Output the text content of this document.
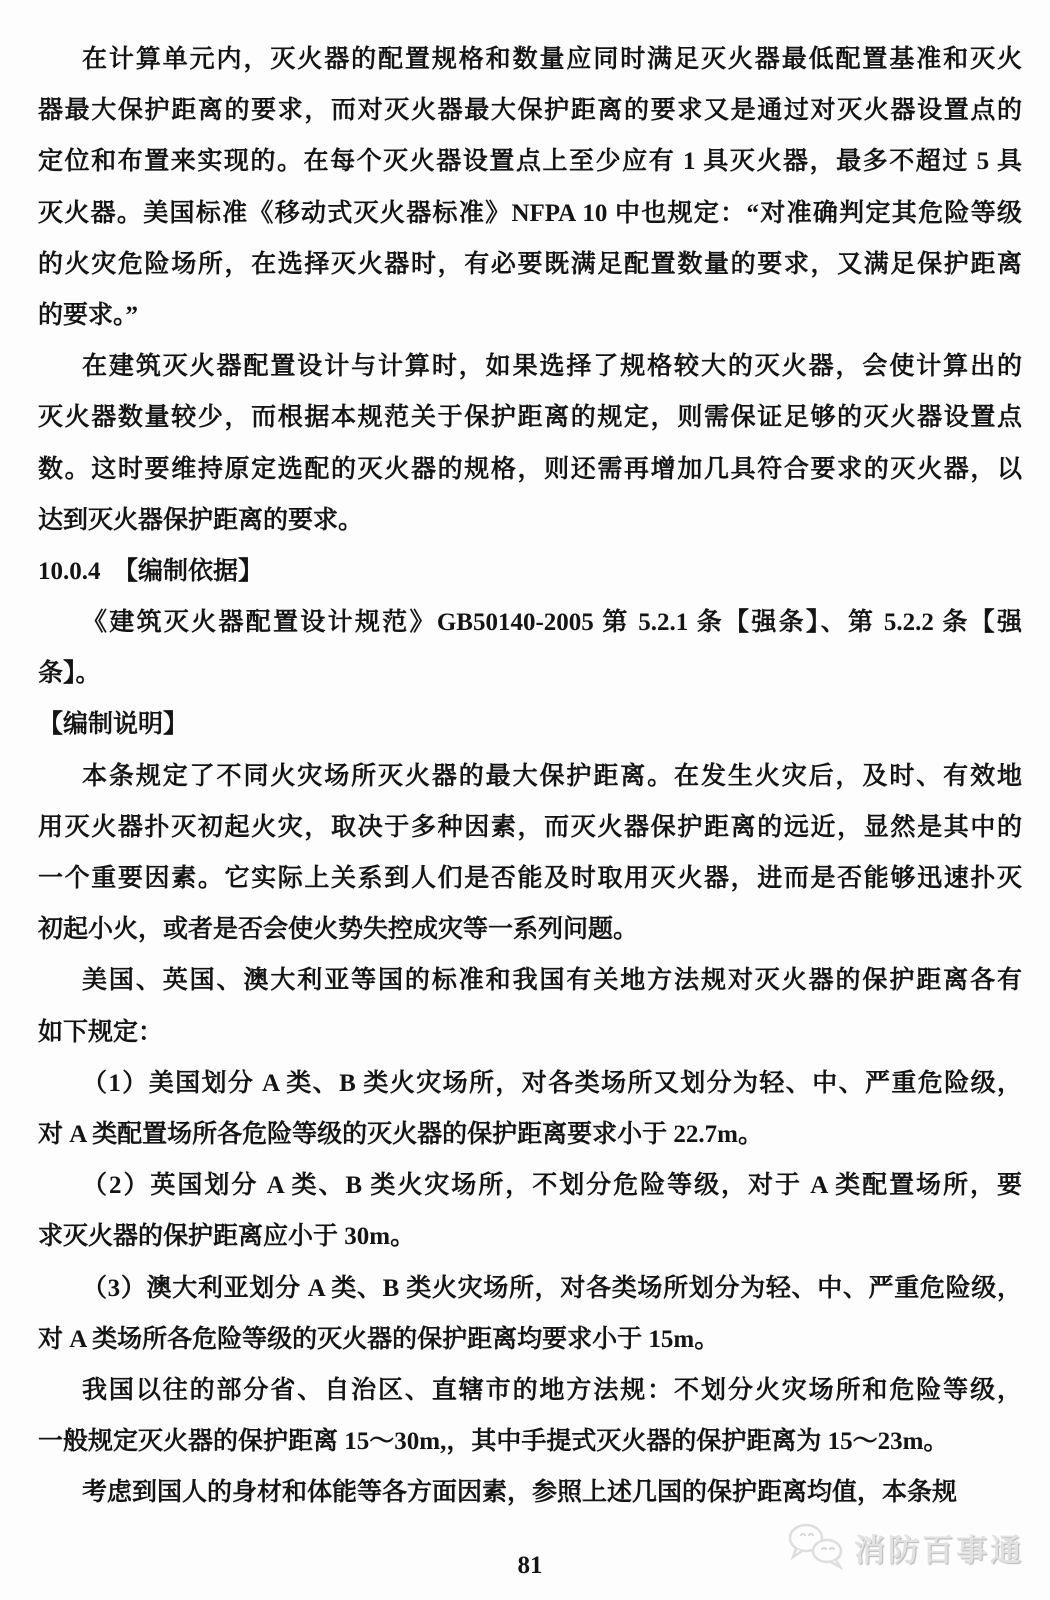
在计算单元内，灭火器的配置规格和数量应同时满足灭火器最低配置基准和灭火
器最大保护距离的要求，而对灭火器最大保护距离的要求又是通过对灭火器设置点的
定位和布置来实现的。在每个灭火器设置点上至少应有 1 具灭火器，最多不超过 5 具
灭火器。美国标准《移动式灭火器标准》NFPA 10 中也规定：“对准确判定其危险等级
的火灾危险场所，在选择灭火器时，有必要既满足配置数量的要求，又满足保护距离
的要求。”
在建筑灭火器配置设计与计算时，如果选择了规格较大的灭火器，会使计算出的
灭火器数量较少，而根据本规范关于保护距离的规定，则需保证足够的灭火器设置点
数。这时要维持原定选配的灭火器的规格，则还需再增加几具符合要求的灭火器，以
达到灭火器保护距离的要求。
10.0.4　【编制依据】
《建筑灭火器配置设计规范》GB50140-2005 第 5.2.1 条【强条】、第 5.2.2 条【强
条】。
【编制说明】
本条规定了不同火灾场所灭火器的最大保护距离。在发生火灾后，及时、有效地
用灭火器扑灭初起火灾，取决于多种因素，而灭火器保护距离的远近，显然是其中的
一个重要因素。它实际上关系到人们是否能及时取用灭火器，进而是否能够迅速扑灭
初起小火，或者是否会使火势失控成灾等一系列问题。
美国、英国、澳大利亚等国的标准和我国有关地方法规对灭火器的保护距离各有
如下规定：
（1）美国划分 A 类、B 类火灾场所，对各类场所又划分为轻、中、严重危险级，
对 A 类配置场所各危险等级的灭火器的保护距离要求小于 22.7m。
（2）英国划分 A 类、B 类火灾场所，不划分危险等级，对于 A 类配置场所，要
求灭火器的保护距离应小于 30m。
（3）澳大利亚划分 A 类、B 类火灾场所，对各类场所划分为轻、中、严重危险级，
对 A 类场所各危险等级的灭火器的保护距离均要求小于 15m。
我国以往的部分省、自治区、直辖市的地方法规：不划分火灾场所和危险等级，
一般规定灭火器的保护距离 15～30m,，其中手提式灭火器的保护距离为 15～23m。
考虑到国人的身材和体能等各方面因素，参照上述几国的保护距离均值，本条规
消防百事通
81
